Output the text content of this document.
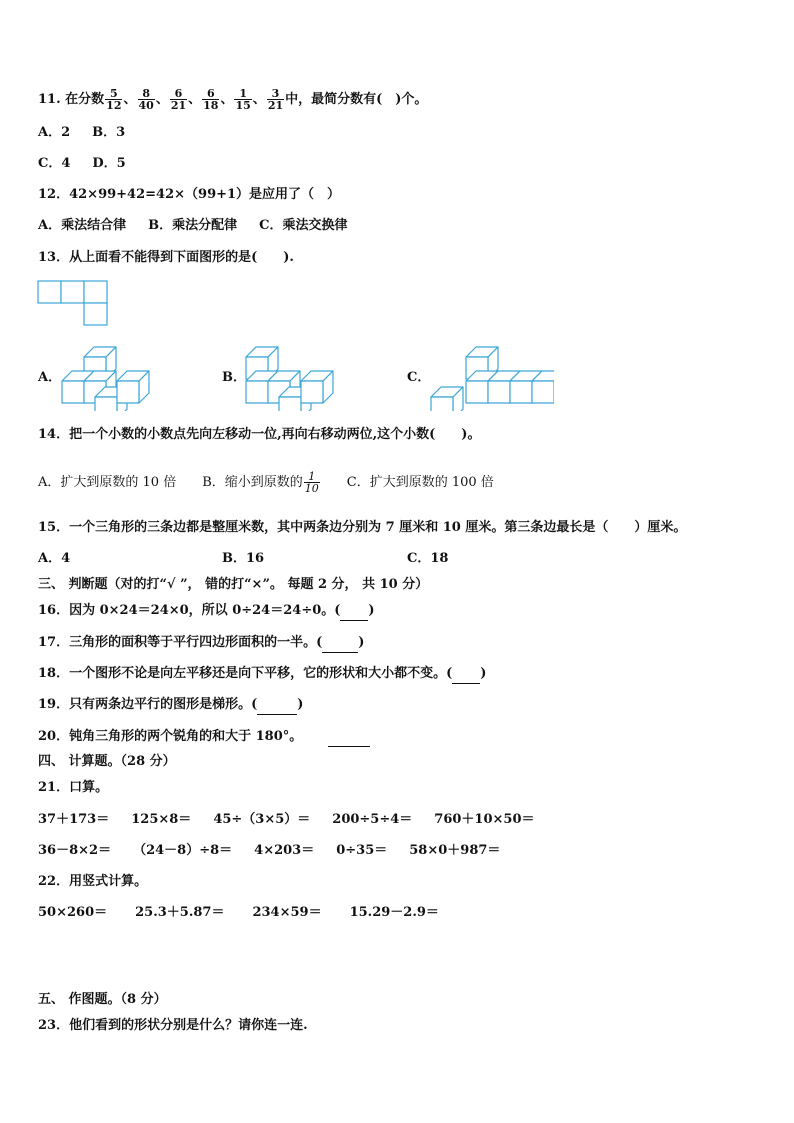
11. 在分数 $\frac{5}{12}$ 、 $\frac{8}{40}$ 、 $\frac{6}{21}$ 、 $\frac{6}{18}$ 、 $\frac{1}{15}$ 、 $\frac{3}{21}$ 中，最简分数有(　)个。
A．2 B．3
C．4 D．5
12．42×99+42=42×（99+1）是应用了（　）
A．乘法结合律 B．乘法分配律 C．乘法交换律
13．从上面看不能得到下面图形的是(　　).
A．	B．	C．
14．把一个小数的小数点先向左移动一位,再向右移动两位,这个小数(　　)。
A．扩大到原数的 10 倍 B．缩小到原数的 $\frac{1}{10}$ C．扩大到原数的 100 倍
15．一个三角形的三条边都是整厘米数，其中两条边分别为 7 厘米和 10 厘米。第三条边最长是（　　）厘米。
A．4	B．16	C．18
三、 判断题（对的打“√ ”， 错的打“×”。 每题 2 分， 共 10 分）
16．因为 0×24＝24×0，所以 0÷24＝24÷0。( )
17．三角形的面积等于平行四边形面积的一半。(	)
18．一个图形不论是向左平移还是向下平移，它的形状和大小都不变。( )
19．只有两条边平行的图形是梯形。(	)
20．钝角三角形的两个锐角的和大于 180°。
四、 计算题。（28 分）
21．口算。
37＋173＝ 125×8＝ 45÷（3×5）＝ 200÷5÷4＝ 760＋10×50＝
36－8×2＝ （24－8）÷8＝ 4×203＝ 0÷35＝ 58×0＋987＝
22．用竖式计算。
50×260＝ 25.3＋5.87＝ 234×59＝ 15.29－2.9＝
五、 作图题。（8 分）
23．他们看到的形状分别是什么？请你连一连.
